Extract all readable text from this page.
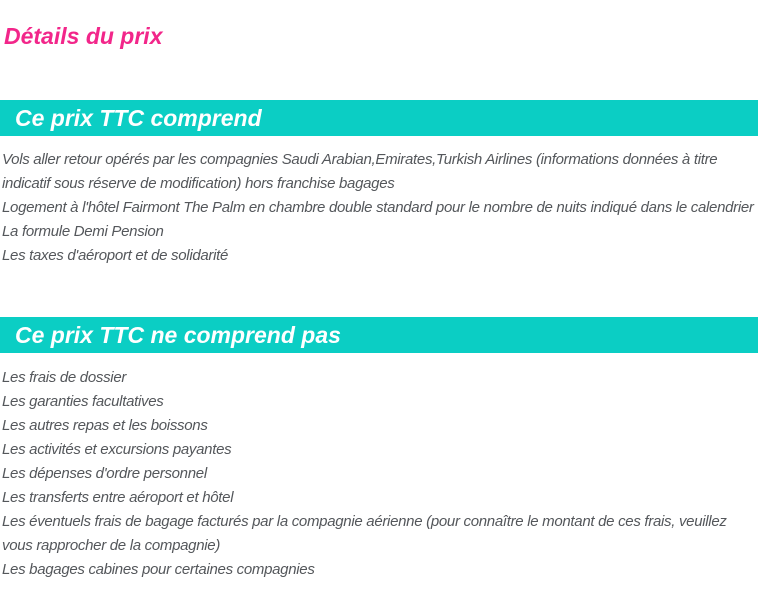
Détails du prix
Ce prix TTC comprend
Vols aller retour opérés par les compagnies Saudi Arabian,Emirates,Turkish Airlines (informations données à titre indicatif sous réserve de modification) hors franchise bagages
Logement à l'hôtel Fairmont The Palm en chambre double standard pour le nombre de nuits indiqué dans le calendrier
La formule Demi Pension
Les taxes d'aéroport et de solidarité
Ce prix TTC ne comprend pas
Les frais de dossier
Les garanties facultatives
Les autres repas et les boissons
Les activités et excursions payantes
Les dépenses d'ordre personnel
Les transferts entre aéroport et hôtel
Les éventuels frais de bagage facturés par la compagnie aérienne (pour connaître le montant de ces frais, veuillez vous rapprocher de la compagnie)
Les bagages cabines pour certaines compagnies
